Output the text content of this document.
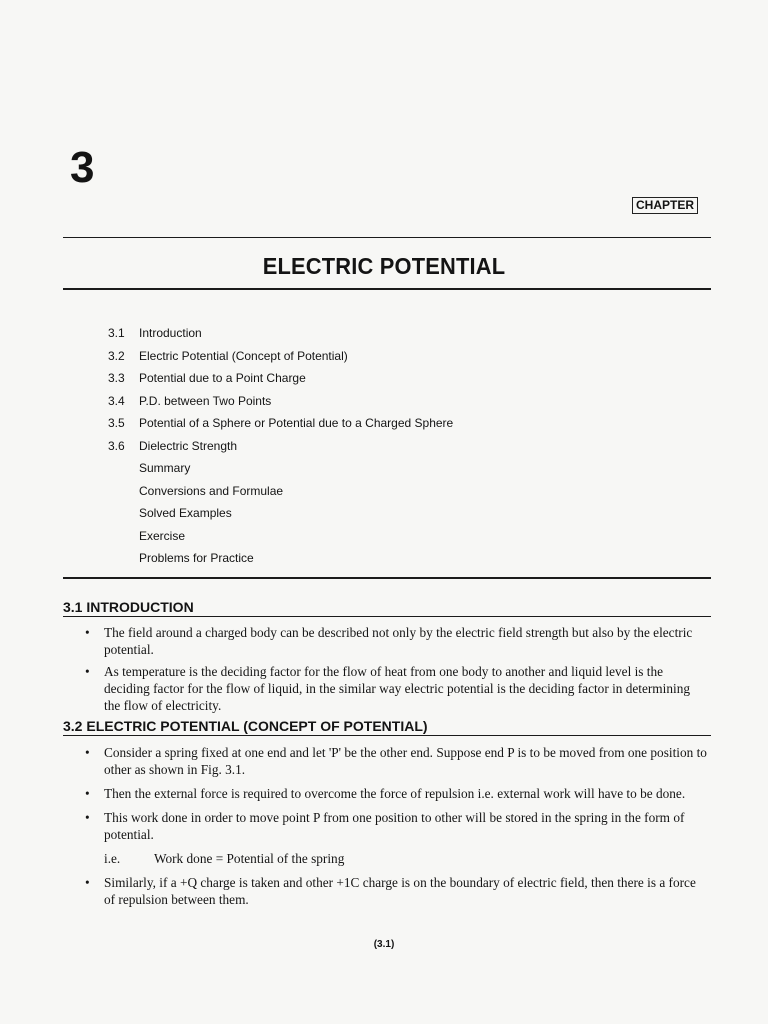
3
CHAPTER
ELECTRIC POTENTIAL
3.1	Introduction
3.2	Electric Potential (Concept of Potential)
3.3	Potential due to a Point Charge
3.4	P.D. between Two Points
3.5	Potential of a Sphere or Potential due to a Charged Sphere
3.6	Dielectric Strength
Summary
Conversions and Formulae
Solved Examples
Exercise
Problems for Practice
3.1 INTRODUCTION
• The field around a charged body can be described not only by the electric field strength but also by the electric potential.
• As temperature is the deciding factor for the flow of heat from one body to another and liquid level is the deciding factor for the flow of liquid, in the similar way electric potential is the deciding factor in determining the flow of electricity.
3.2 ELECTRIC POTENTIAL (CONCEPT OF POTENTIAL)
• Consider a spring fixed at one end and let 'P' be the other end. Suppose end P is to be moved from one position to other as shown in Fig. 3.1.
• Then the external force is required to overcome the force of repulsion i.e. external work will have to be done.
• This work done in order to move point P from one position to other will be stored in the spring in the form of potential.
i.e.	Work done = Potential of the spring
• Similarly, if a +Q charge is taken and other +1C charge is on the boundary of electric field, then there is a force of repulsion between them.
(3.1)
